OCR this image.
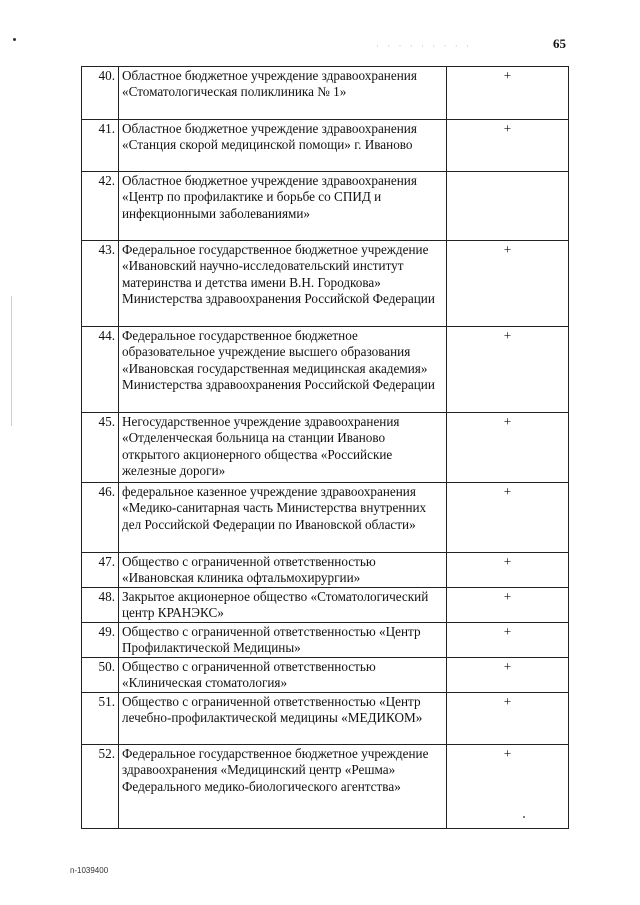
· · · · · · · · ·	65
40.	Областное бюджетное учреждение здравоохранения «Стоматологическая поликлиника № 1»	+
41.	Областное бюджетное учреждение здравоохранения «Станция скорой медицинской помощи» г. Иваново	+
42.	Областное бюджетное учреждение здравоохранения «Центр по профилактике и борьбе со СПИД и инфекционными заболеваниями»	
43.	Федеральное государственное бюджетное учреждение «Ивановский научно-исследовательский институт материнства и детства имени В.Н. Городкова» Министерства здравоохранения Российской Федерации	+
44.	Федеральное государственное бюджетное образовательное учреждение высшего образования «Ивановская государственная медицинская академия» Министерства здравоохранения Российской Федерации	+
45.	Негосударственное учреждение здравоохранения «Отделенческая больница на станции Иваново открытого акционерного общества «Российские железные дороги»	+
46.	федеральное казенное учреждение здравоохранения «Медико-санитарная часть Министерства внутренних дел Российской Федерации по Ивановской области»	+
47.	Общество с ограниченной ответственностью «Ивановская клиника офтальмохирургии»	+
48.	Закрытое акционерное общество «Стоматологический центр КРАНЭКС»	+
49.	Общество с ограниченной ответственностью «Центр Профилактической Медицины»	+
50.	Общество с ограниченной ответственностью «Клиническая стоматология»	+
51.	Общество с ограниченной ответственностью «Центр лечебно-профилактической медицины «МЕДИКОМ»	+
52.	Федеральное государственное бюджетное учреждение здравоохранения «Медицинский центр «Решма» Федерального медико-биологического агентства»	+
п-1039400
